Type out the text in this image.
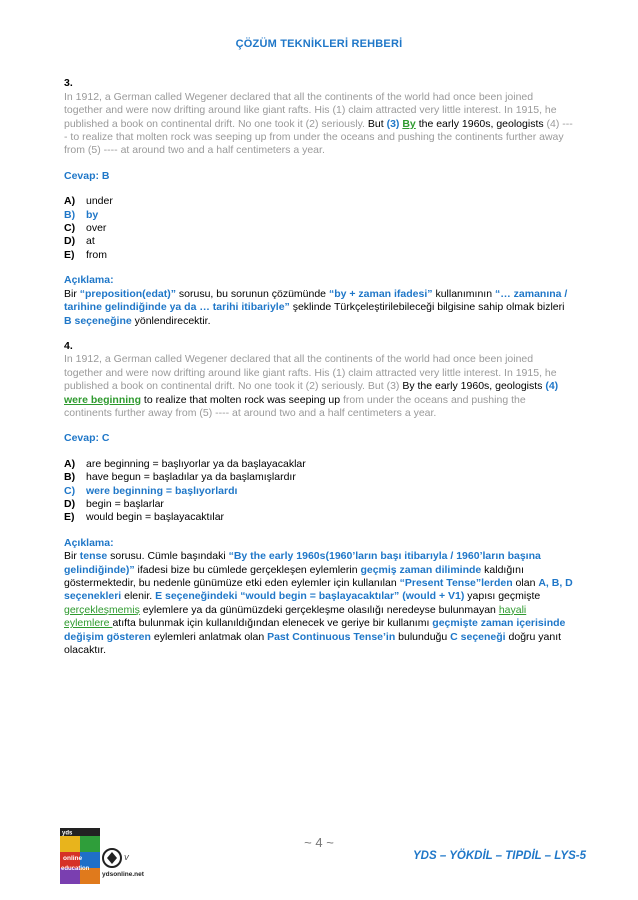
ÇÖZÜM TEKNİKLERİ REHBERİ
3.

In 1912, a German called Wegener declared that all the continents of the world had once been joined together and were now drifting around like giant rafts. His (1) claim attracted very little interest. In 1915, he published a book on continental drift. No one took it (2) seriously. But (3) By the early 1960s, geologists (4) ---- to realize that molten rock was seeping up from under the oceans and pushing the continents further away from (5) ---- at around two and a half centimeters a year.

Cevap: B
A) under
B) by
C) over
D) at
E) from
Açıklama:

Bir “preposition(edat)” sorusu, bu sorunun çözümünde “by + zaman ifadesi” kullanımının “… zamanına / tarihine gelindiğinde ya da … tarihi itibariyle” şeklinde Türkçeleştirilebileceği bilgisine sahip olmak bizleri B seçeneğine yönlendirecektir.

4.

In 1912, a German called Wegener declared that all the continents of the world had once been joined together and were now drifting around like giant rafts. His (1) claim attracted very little interest. In 1915, he published a book on continental drift. No one took it (2) seriously. But (3) By the early 1960s, geologists (4) were beginning to realize that molten rock was seeping up from under the oceans and pushing the continents further away from (5) ---- at around two and a half centimeters a year.

Cevap: C
A) are beginning = başlıyorlar ya da başlayacaklar
B) have begun = başladılar ya da başlamışlardır
C) were beginning = başlıyorlardı
D) begin = başlarlar
E) would begin = başlayacaktılar
Açıklama:

Bir tense sorusu. Cümle başındaki “By the early 1960s(1960’ların başı itibarıyla / 1960’ların başına gelindiğinde)” ifadesi bize bu cümlede gerçekleşen eylemlerin geçmiş zaman diliminde kaldığını göstermektedir, bu nedenle günümüze etki eden eylemler için kullanılan “Present Tense”lerden olan A, B, D seçenekleri elenir. E seçeneğindeki “would begin = başlayacaktılar” (would + V1) yapısı geçmişte gerçekleşmemiş eylemlere ya da günümüzdeki gerçekleşme olasılığı neredeyse bulunmayan hayali eylemlere atıfta bulunmak için kullanıldığından elenecek ve geriye bir kullanımı geçmişte zaman içerisinde değişim gösteren eylemleri anlatmak olan Past Continuous Tense’in bulunduğu C seçeneği doğru yanıt olacaktır.

yds
online
education
V
ydsonline.net
~ 4 ~
YDS – YÖKDİL – TIPDİL – LYS-5
